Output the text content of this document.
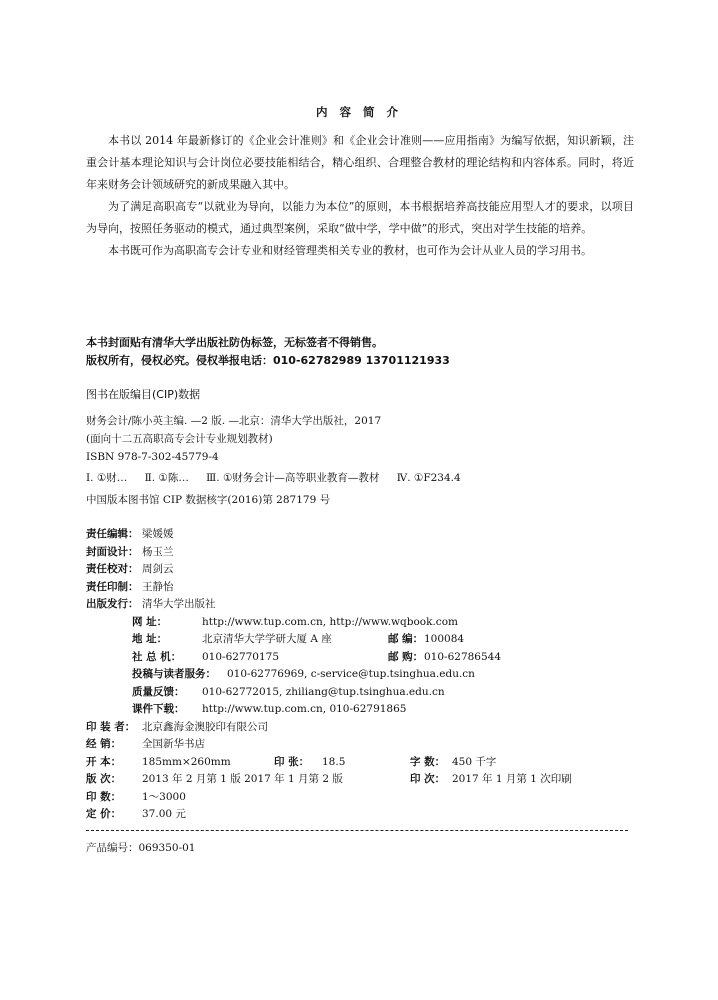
内 容 简 介

本书以 2014 年最新修订的《企业会计准则》和《企业会计准则——应用指南》为编写依据，知识新颖，注重会计基本理论知识与会计岗位必要技能相结合，精心组织、合理整合教材的理论结构和内容体系。同时，将近年来财务会计领域研究的新成果融入其中。

为了满足高职高专“以就业为导向，以能力为本位”的原则，本书根据培养高技能应用型人才的要求，以项目为导向，按照任务驱动的模式，通过典型案例，采取“做中学，学中做”的形式，突出对学生技能的培养。

本书既可作为高职高专会计专业和财经管理类相关专业的教材，也可作为会计从业人员的学习用书。

本书封面贴有清华大学出版社防伪标签，无标签者不得销售。
版权所有，侵权必究。侵权举报电话：010-62782989 13701121933
图书在版编目(CIP)数据
财务会计/陈小英主编. —2 版. —北京：清华大学出版社，2017
(面向十二五高职高专会计专业规划教材)
ISBN 978-7-302-45779-4
Ⅰ. ①财… Ⅱ. ①陈… Ⅲ. ①财务会计—高等职业教育—教材 Ⅳ. ①F234.4
中国版本图书馆 CIP 数据核字(2016)第 287179 号
责任编辑： 梁媛媛
封面设计： 杨玉兰
责任校对： 周剑云
责任印制： 王静怡
出版发行： 清华大学出版社
网 址：	http://www.tup.com.cn, http://www.wqbook.com
地 址：	北京清华大学学研大厦 A 座	邮 编： 100084
社 总 机： 010-62770175	邮 购： 010-62786544
投稿与读者服务： 010-62776969, c-service@tup.tsinghua.edu.cn
质量反馈： 010-62772015, zhiliang@tup.tsinghua.edu.cn
课件下载： http://www.tup.com.cn, 010-62791865
印 装 者： 北京鑫海金澳胶印有限公司
经 销： 全国新华书店
开 本： 185mm×260mm	印 张： 18.5	字 数： 450 千字
版 次： 2013 年 2 月第 1 版 2017 年 1 月第 2 版	印 次： 2017 年 1 月第 1 次印刷
印 数： 1～3000
定 价： 37.00 元
产品编号：069350-01
